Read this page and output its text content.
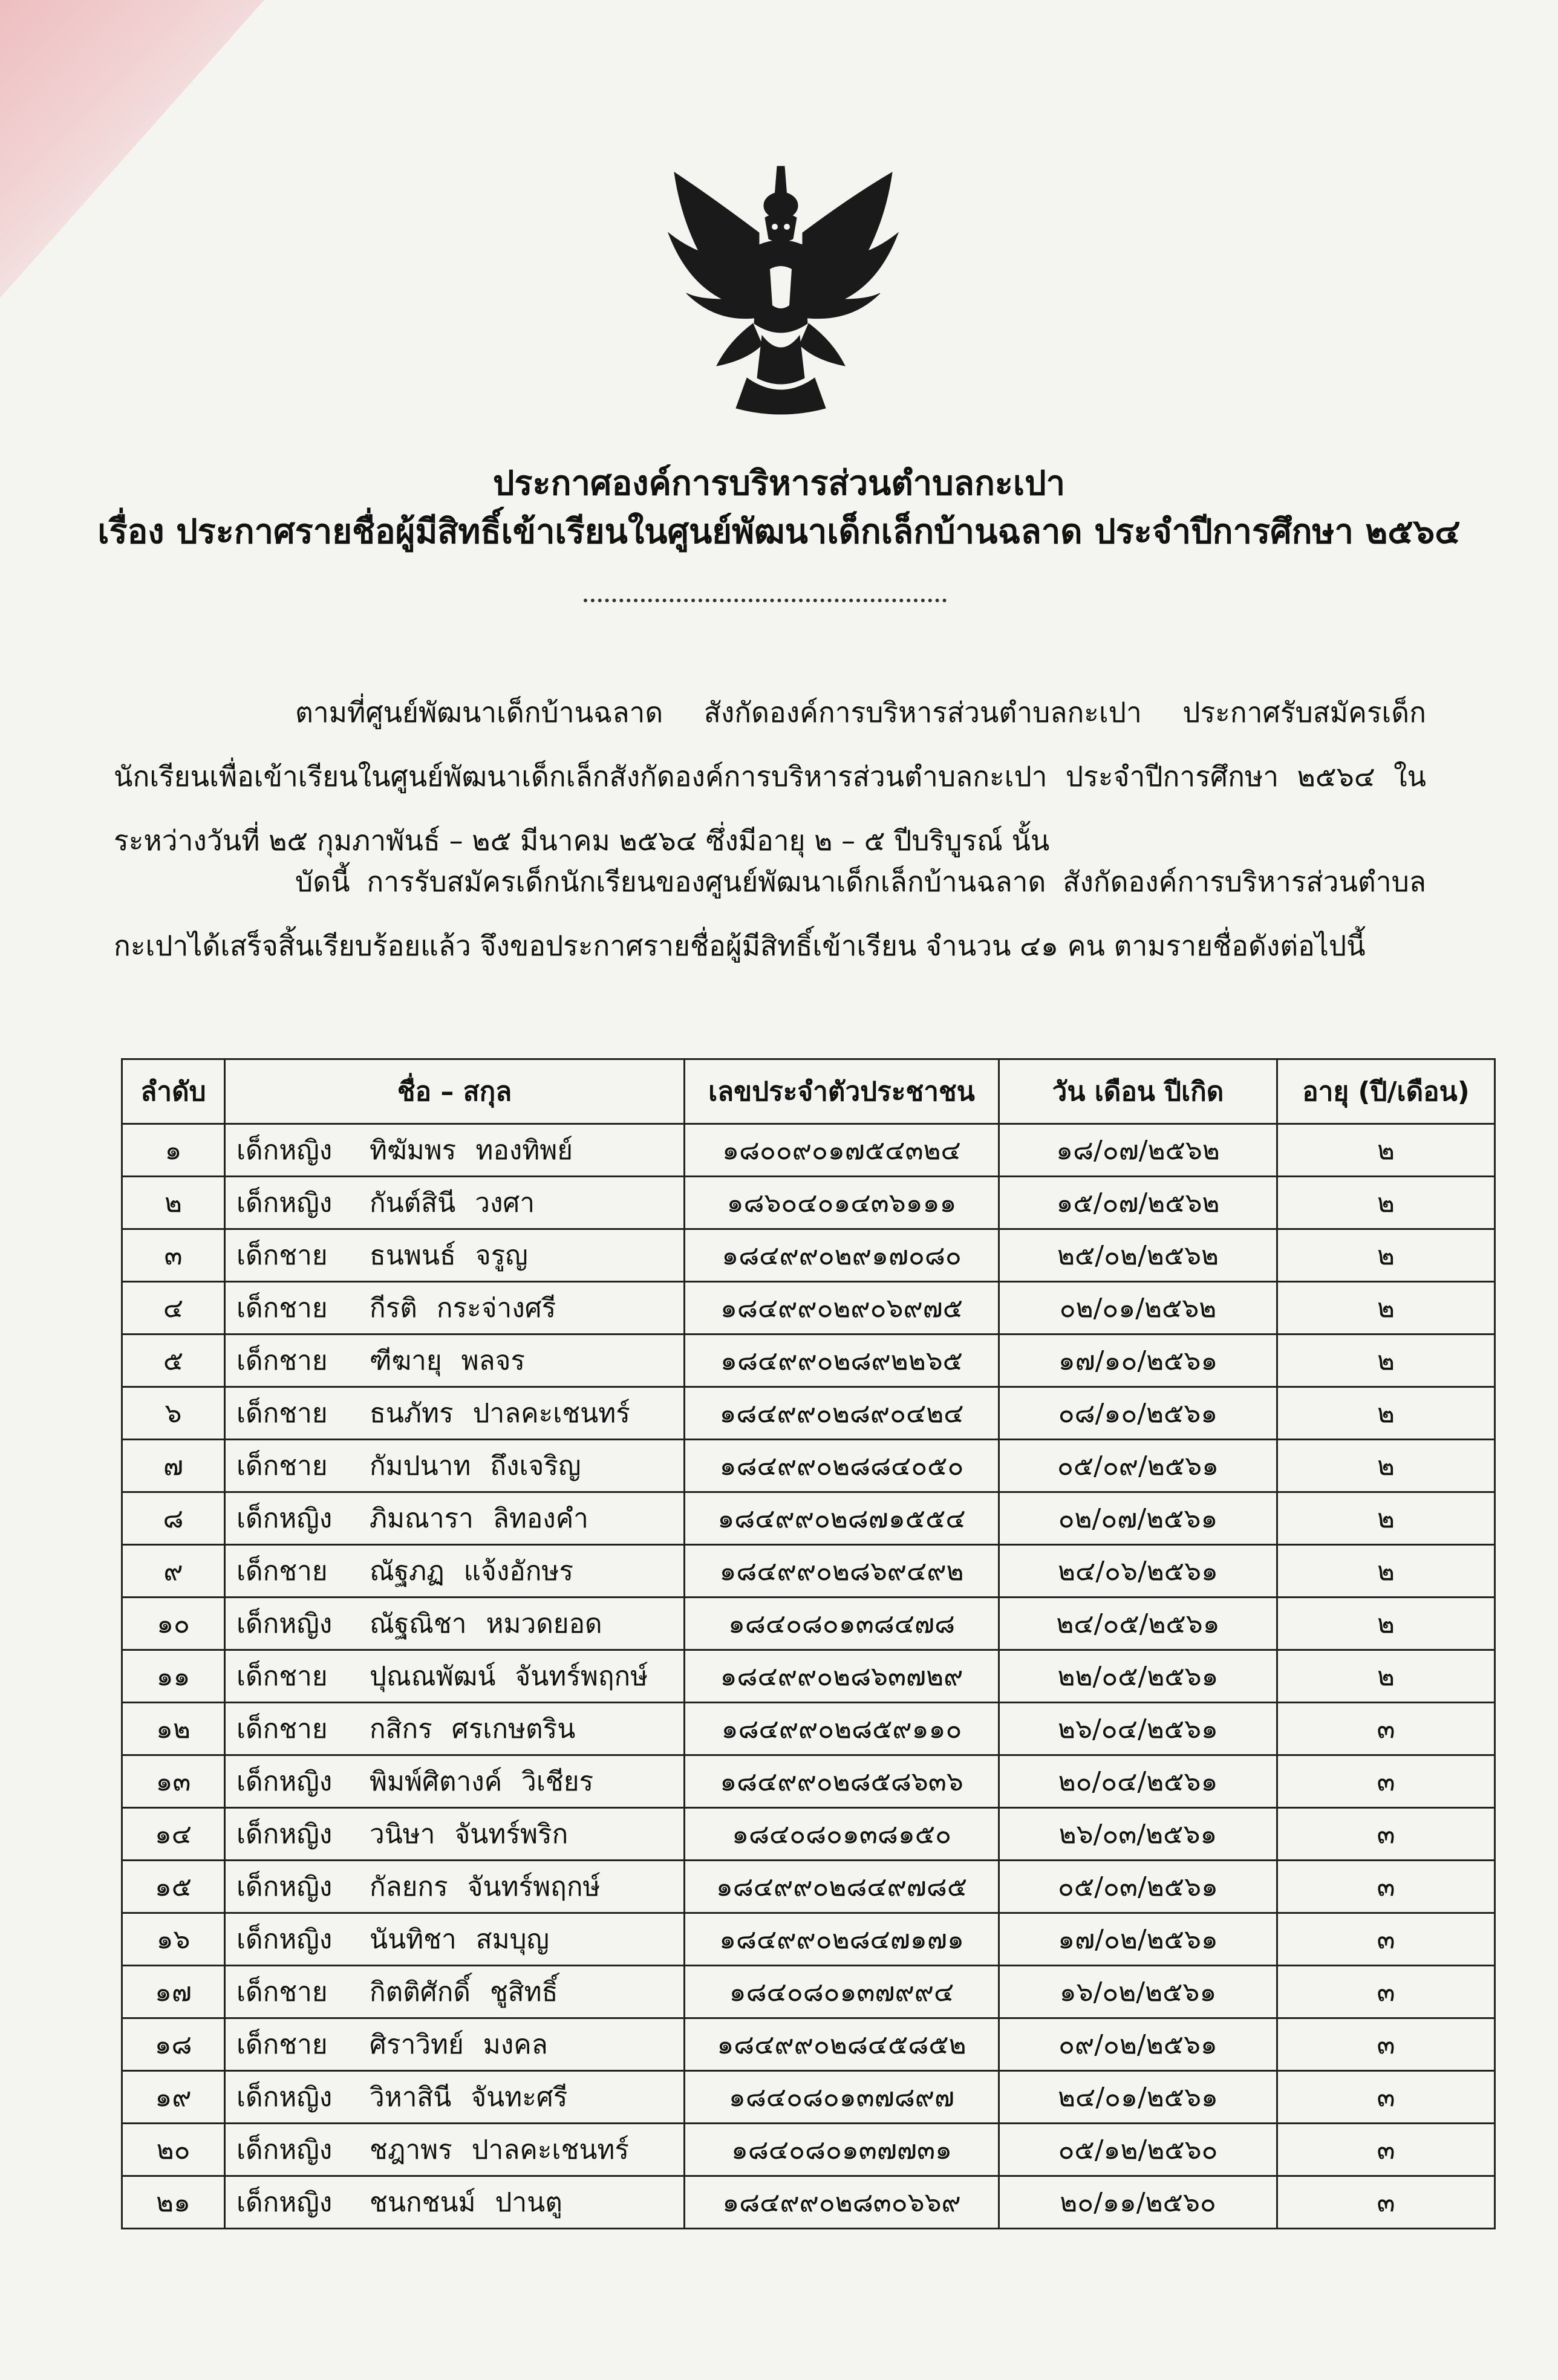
ประกาศองค์การบริหารส่วนตำบลกะเปา
เรื่อง ประกาศรายชื่อผู้มีสิทธิ์เข้าเรียนในศูนย์พัฒนาเด็กเล็กบ้านฉลาด ประจำปีการศึกษา ๒๕๖๔
ตามที่ศูนย์พัฒนาเด็กบ้านฉลาด สังกัดองค์การบริหารส่วนตำบลกะเปา ประกาศรับสมัครเด็กนักเรียนเพื่อเข้าเรียนในศูนย์พัฒนาเด็กเล็กสังกัดองค์การบริหารส่วนตำบลกะเปา ประจำปีการศึกษา ๒๕๖๔ ในระหว่างวันที่ ๒๕ กุมภาพันธ์ – ๒๕ มีนาคม ๒๕๖๔ ซึ่งมีอายุ ๒ – ๕ ปีบริบูรณ์ นั้น
บัดนี้ การรับสมัครเด็กนักเรียนของศูนย์พัฒนาเด็กเล็กบ้านฉลาด สังกัดองค์การบริหารส่วนตำบลกะเปาได้เสร็จสิ้นเรียบร้อยแล้ว จึงขอประกาศรายชื่อผู้มีสิทธิ์เข้าเรียน จำนวน ๔๑ คน ตามรายชื่อดังต่อไปนี้
ลำดับ	ชื่อ – สกุล	เลขประจำตัวประชาชน	วัน เดือน ปีเกิด	อายุ (ปี/เดือน)
๑	เด็กหญิง ทิฆัมพร ทองทิพย์	๑๘๐๐๙๐๑๗๕๔๓๒๔	๑๘/๐๗/๒๕๖๒	๒
๒	เด็กหญิง กันต์สินี วงศา	๑๘๖๐๔๐๑๔๓๖๑๑๑	๑๕/๐๗/๒๕๖๒	๒
๓	เด็กชาย ธนพนธ์ จรูญ	๑๘๔๙๙๐๒๙๑๗๐๘๐	๒๕/๐๒/๒๕๖๒	๒
๔	เด็กชาย กีรติ กระจ่างศรี	๑๘๔๙๙๐๒๙๐๖๙๗๕	๐๒/๐๑/๒๕๖๒	๒
๕	เด็กชาย ฑีฆายุ พลจร	๑๘๔๙๙๐๒๘๙๒๒๖๕	๑๗/๑๐/๒๕๖๑	๒
๖	เด็กชาย ธนภัทร ปาลคะเชนทร์	๑๘๔๙๙๐๒๘๙๐๔๒๔	๐๘/๑๐/๒๕๖๑	๒
๗	เด็กชาย กัมปนาท ถึงเจริญ	๑๘๔๙๙๐๒๘๘๔๐๕๐	๐๕/๐๙/๒๕๖๑	๒
๘	เด็กหญิง ภิมณารา ลิทองคำ	๑๘๔๙๙๐๒๘๗๑๕๕๔	๐๒/๐๗/๒๕๖๑	๒
๙	เด็กชาย ณัฐภฏ แจ้งอักษร	๑๘๔๙๙๐๒๘๖๙๔๙๒	๒๔/๐๖/๒๕๖๑	๒
๑๐	เด็กหญิง ณัฐณิชา หมวดยอด	๑๘๔๐๘๐๑๓๘๔๗๘	๒๔/๐๕/๒๕๖๑	๒
๑๑	เด็กชาย ปุณณพัฒน์ จันทร์พฤกษ์	๑๘๔๙๙๐๒๘๖๓๗๒๙	๒๒/๐๕/๒๕๖๑	๒
๑๒	เด็กชาย กสิกร ศรเกษตริน	๑๘๔๙๙๐๒๘๕๙๑๑๐	๒๖/๐๔/๒๕๖๑	๓
๑๓	เด็กหญิง พิมพ์ศิตางค์ วิเชียร	๑๘๔๙๙๐๒๘๕๘๖๓๖	๒๐/๐๔/๒๕๖๑	๓
๑๔	เด็กหญิง วนิษา จันทร์พริก	๑๘๔๐๘๐๑๓๘๑๕๐	๒๖/๐๓/๒๕๖๑	๓
๑๕	เด็กหญิง กัลยกร จันทร์พฤกษ์	๑๘๔๙๙๐๒๘๔๙๗๘๕	๐๕/๐๓/๒๕๖๑	๓
๑๖	เด็กหญิง นันทิชา สมบุญ	๑๘๔๙๙๐๒๘๔๗๑๗๑	๑๗/๐๒/๒๕๖๑	๓
๑๗	เด็กชาย กิตติศักดิ์ ชูสิทธิ์	๑๘๔๐๘๐๑๓๗๙๙๔	๑๖/๐๒/๒๕๖๑	๓
๑๘	เด็กชาย ศิราวิทย์ มงคล	๑๘๔๙๙๐๒๘๔๕๘๕๒	๐๙/๐๒/๒๕๖๑	๓
๑๙	เด็กหญิง วิหาสินี จันทะศรี	๑๘๔๐๘๐๑๓๗๘๙๗	๒๔/๐๑/๒๕๖๑	๓
๒๐	เด็กหญิง ชฎาพร ปาลคะเชนทร์	๑๘๔๐๘๐๑๓๗๗๓๑	๐๕/๑๒/๒๕๖๐	๓
๒๑	เด็กหญิง ชนกชนม์ ปานตู	๑๘๔๙๙๐๒๘๓๐๖๖๙	๒๐/๑๑/๒๕๖๐	๓
